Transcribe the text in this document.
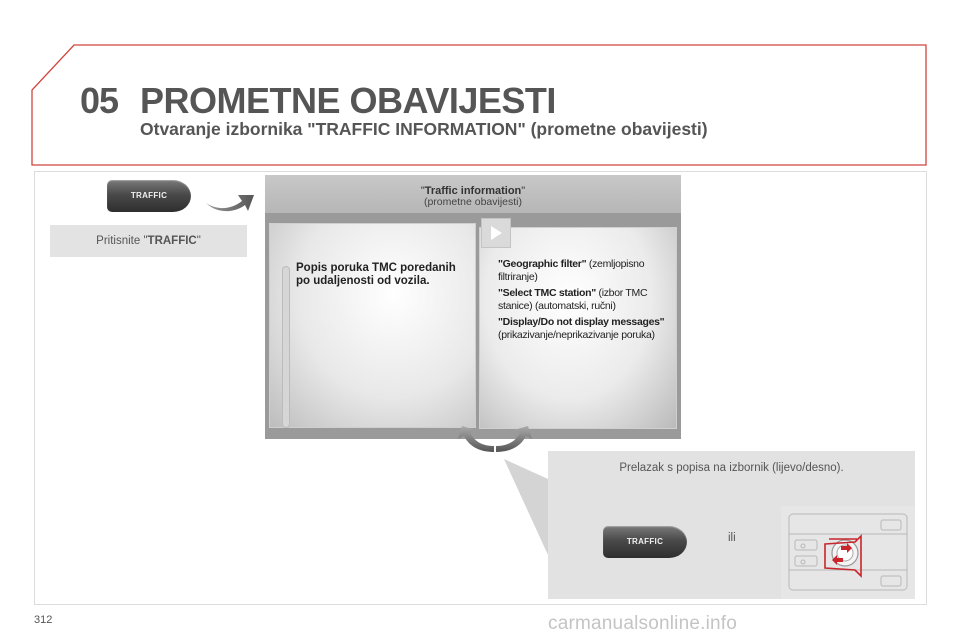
05 PROMETNE OBAVIJESTI
Otvaranje izbornika "TRAFFIC INFORMATION" (prometne obavijesti)
TRAFFIC
Pritisnite "TRAFFIC"
"Traffic information"
(prometne obavijesti)
Popis poruka TMC poredanih po udaljenosti od vozila.

"Geographic filter" (zemljopisno filtriranje)

"Select TMC station" (izbor TMC stanice) (automatski, ručni)

"Display/Do not display messages" (prikazivanje/neprikazivanje poruka)

Prelazak s popisa na izbornik (lijevo/desno).
TRAFFIC	ili
312	carmanualsonline.info
